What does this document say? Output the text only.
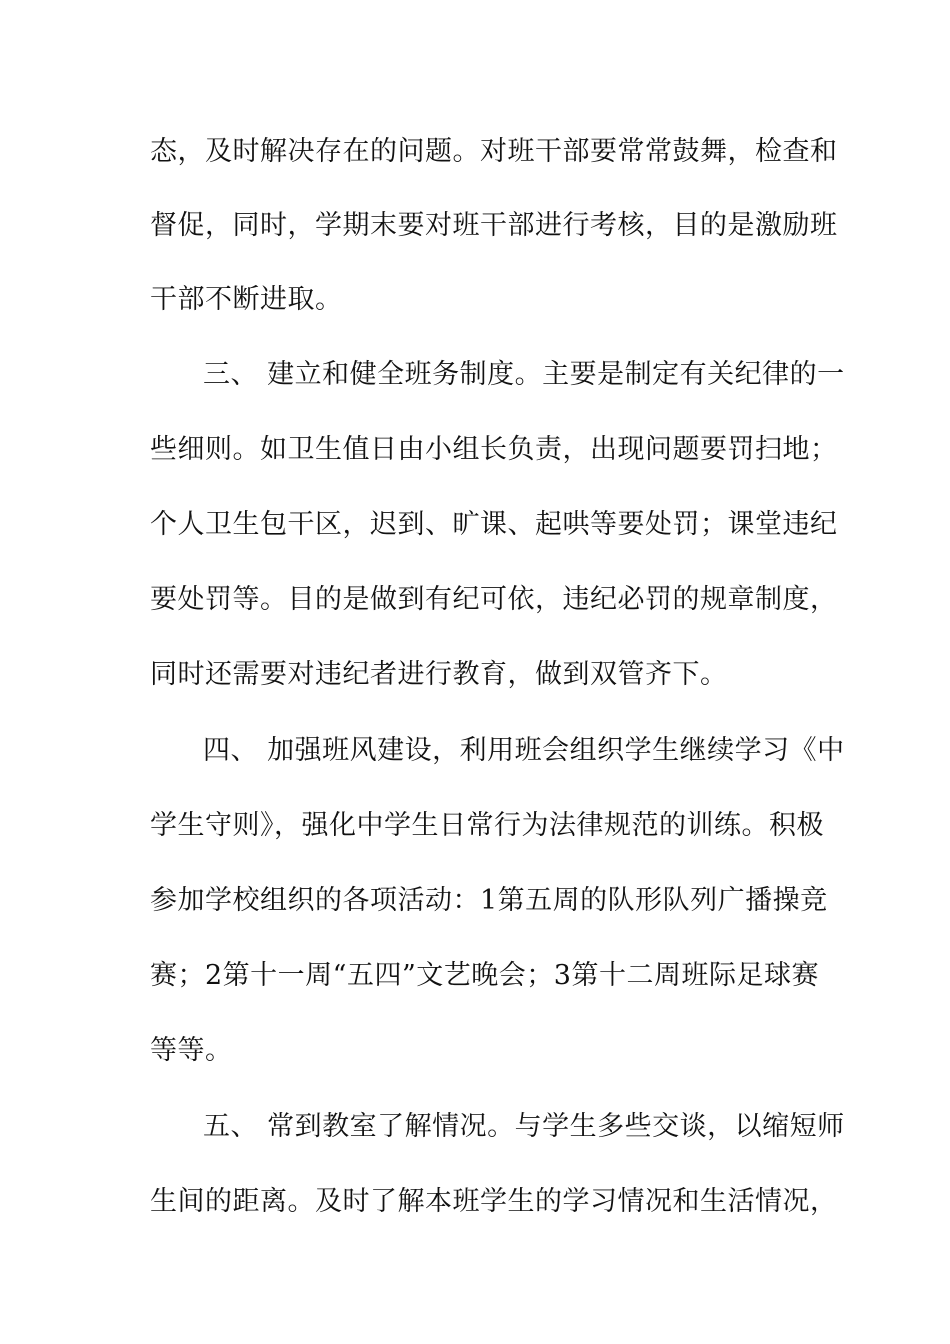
态，及时解决存在的问题。对班干部要常常鼓舞，检查和
督促，同时，学期末要对班干部进行考核，目的是激励班
干部不断进取。
三、 建立和健全班务制度。主要是制定有关纪律的一
些细则。如卫生值日由小组长负责，出现问题要罚扫地；
个人卫生包干区，迟到、旷课、起哄等要处罚；课堂违纪
要处罚等。目的是做到有纪可依，违纪必罚的规章制度，
同时还需要对违纪者进行教育，做到双管齐下。
四、 加强班风建设，利用班会组织学生继续学习《中
学生守则》，强化中学生日常行为法律规范的训练。积极
参加学校组织的各项活动：1第五周的队形队列广播操竞
赛；2第十一周“五四”文艺晚会；3第十二周班际足球赛
等等。
五、 常到教室了解情况。与学生多些交谈，以缩短师
生间的距离。及时了解本班学生的学习情况和生活情况，
